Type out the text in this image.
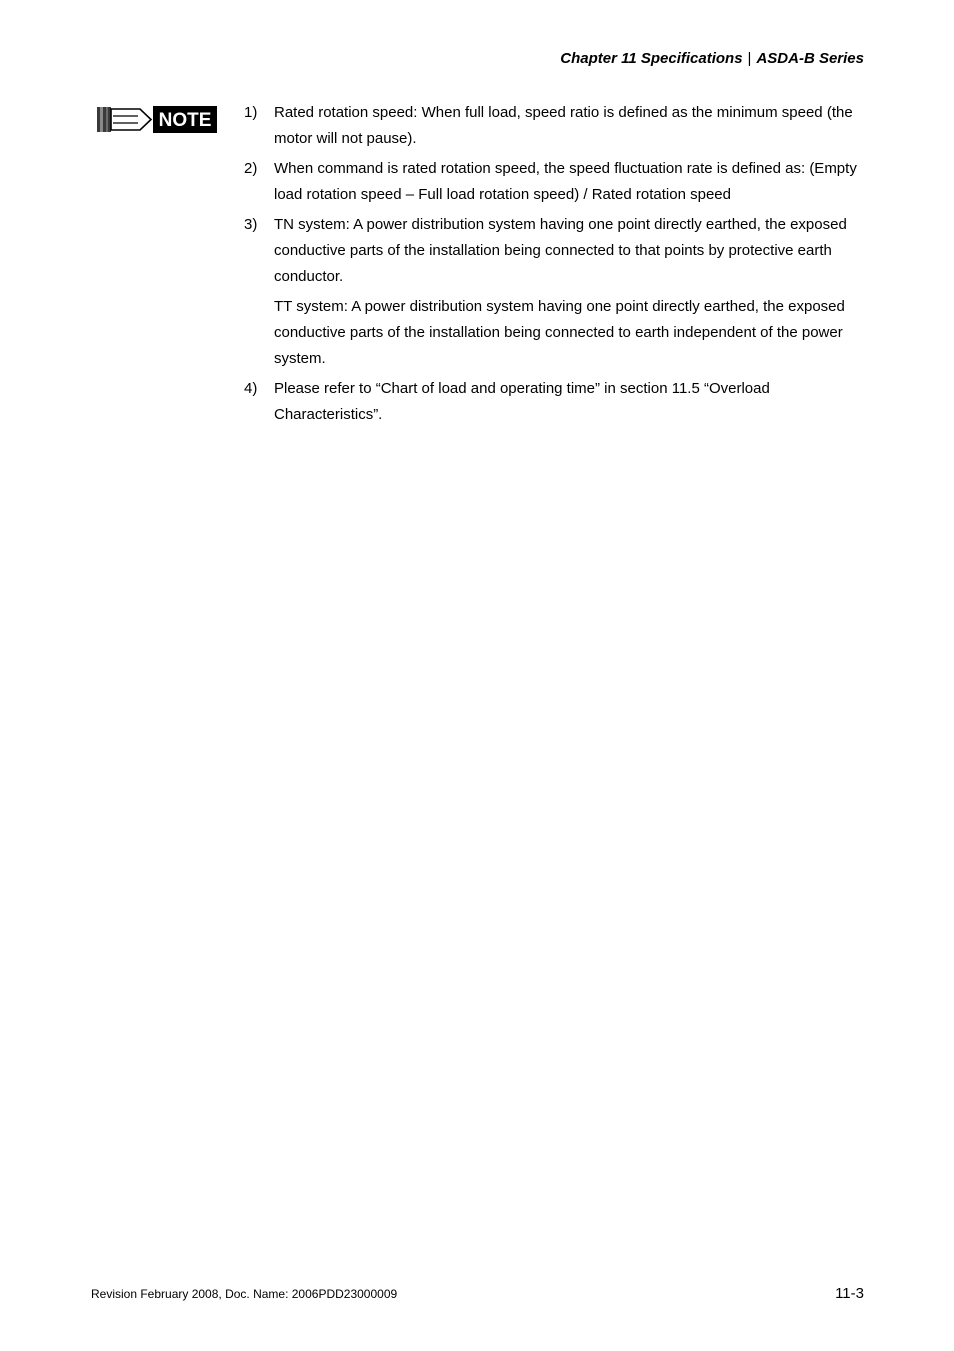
Chapter 11 Specifications | ASDA-B Series
NOTE 1)	Rated rotation speed: When full load, speed ratio is defined as the minimum speed (the motor will not pause).

2)	When command is rated rotation speed, the speed fluctuation rate is defined as: (Empty load rotation speed – Full load rotation speed) / Rated rotation speed

3)	TN system: A power distribution system having one point directly earthed, the exposed conductive parts of the installation being connected to that points by protective earth conductor.

TT system: A power distribution system having one point directly earthed, the exposed conductive parts of the installation being connected to earth independent of the power system.

4)	Please refer to “Chart of load and operating time” in section 11.5 “Overload Characteristics”.

Revision February 2008, Doc. Name: 2006PDD23000009	11-3
